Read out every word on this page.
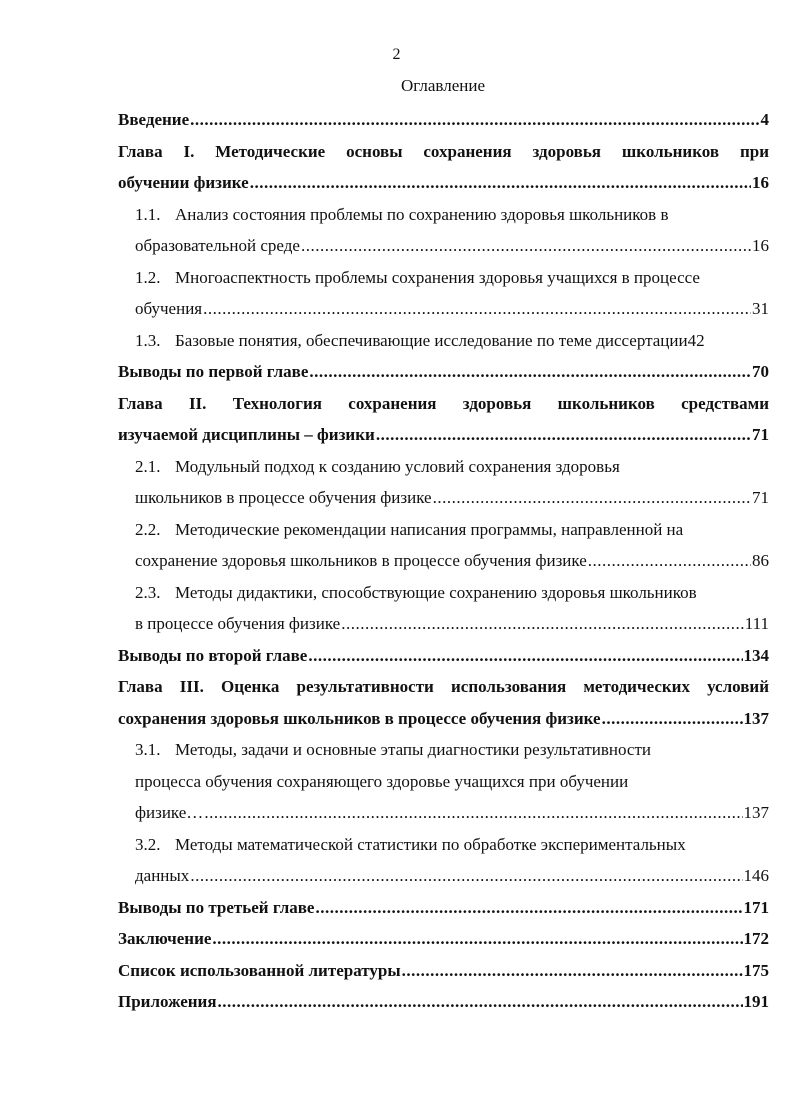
2
Оглавление
Введение .....	4
Глава I. Методические основы сохранения здоровья школьников при
обучении физике .....	16
1.1. Анализ состояния проблемы по сохранению здоровья школьников в
образовательной среде .....	16
1.2. Многоаспектность проблемы сохранения здоровья учащихся в процессе
обучения .....	31
1.3. Базовые понятия, обеспечивающие исследование по теме диссертации 42
Выводы по первой главе .....	70
Глава II. Технология сохранения здоровья школьников средствами
изучаемой дисциплины – физики .....	71
2.1. Модульный подход к созданию условий сохранения здоровья
школьников в процессе обучения физике .....	71
2.2. Методические рекомендации написания программы, направленной на
сохранение здоровья школьников в процессе обучения физике .....	86
2.3. Методы дидактики, способствующие сохранению здоровья школьников
в процессе обучения физике .....	111
Выводы по второй главе .....	134
Глава III. Оценка результативности использования методических условий
сохранения здоровья школьников в процессе обучения физике .....	137
3.1. Методы, задачи и основные этапы диагностики результативности
процесса обучения сохраняющего здоровье учащихся при обучении
физике… .....	137
3.2. Методы математической статистики по обработке экспериментальных
данных .....	146
Выводы по третьей главе .....	171
Заключение .....	172
Список использованной литературы .....	175
Приложения .....	191
